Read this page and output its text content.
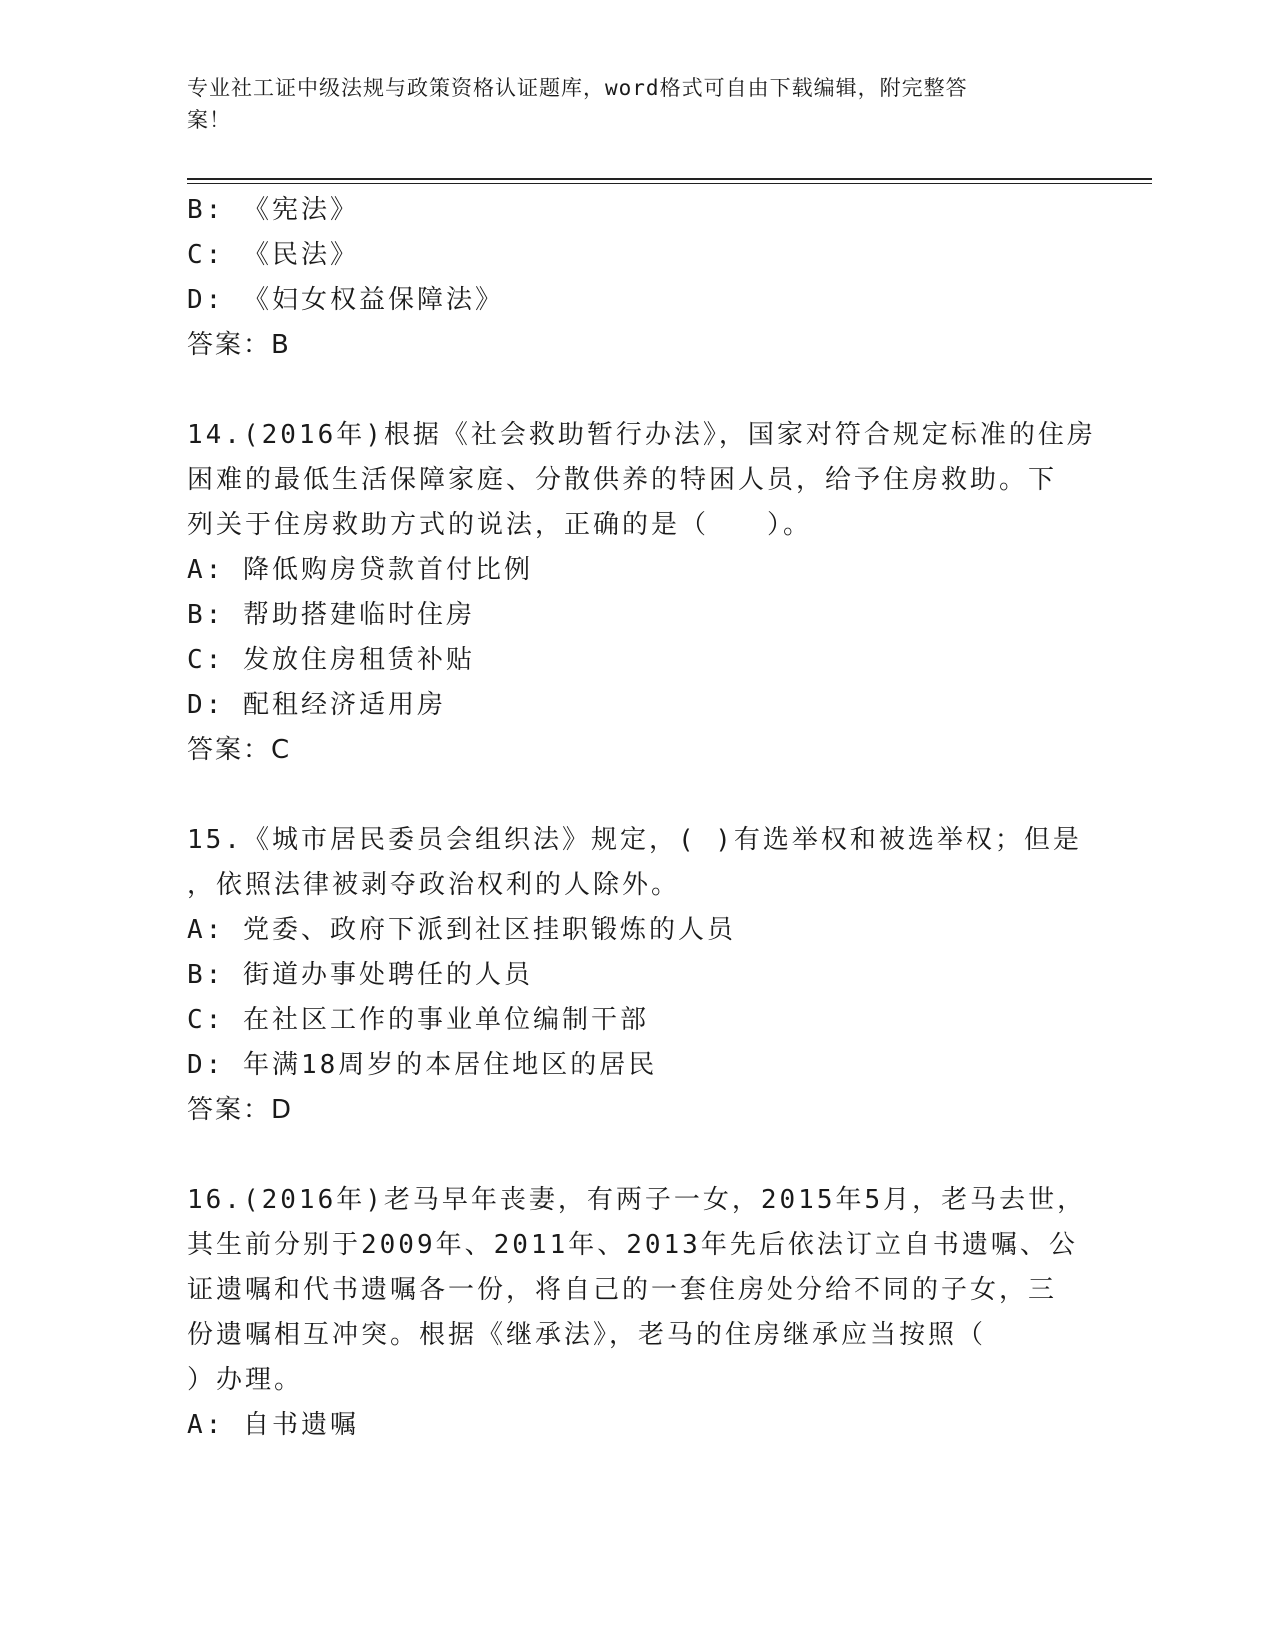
专业社工证中级法规与政策资格认证题库，word格式可自由下载编辑，附完整答
案！
B: 《宪法》
C: 《民法》
D: 《妇女权益保障法》
答案：B
14.(2016年)根据《社会救助暂行办法》，国家对符合规定标准的住房
困难的最低生活保障家庭、分散供养的特困人员，给予住房救助。下
列关于住房救助方式的说法，正确的是（　　）。
A: 降低购房贷款首付比例
B: 帮助搭建临时住房
C: 发放住房租赁补贴
D: 配租经济适用房
答案：C
15.《城市居民委员会组织法》规定，( )有选举权和被选举权；但是
，依照法律被剥夺政治权利的人除外。
A: 党委、政府下派到社区挂职锻炼的人员
B: 街道办事处聘任的人员
C: 在社区工作的事业单位编制干部
D: 年满18周岁的本居住地区的居民
答案：D
16.(2016年)老马早年丧妻，有两子一女，2015年5月，老马去世，
其生前分别于2009年、2011年、2013年先后依法订立自书遗嘱、公
证遗嘱和代书遗嘱各一份，将自己的一套住房处分给不同的子女，三
份遗嘱相互冲突。根据《继承法》，老马的住房继承应当按照（
）办理。
A: 自书遗嘱
